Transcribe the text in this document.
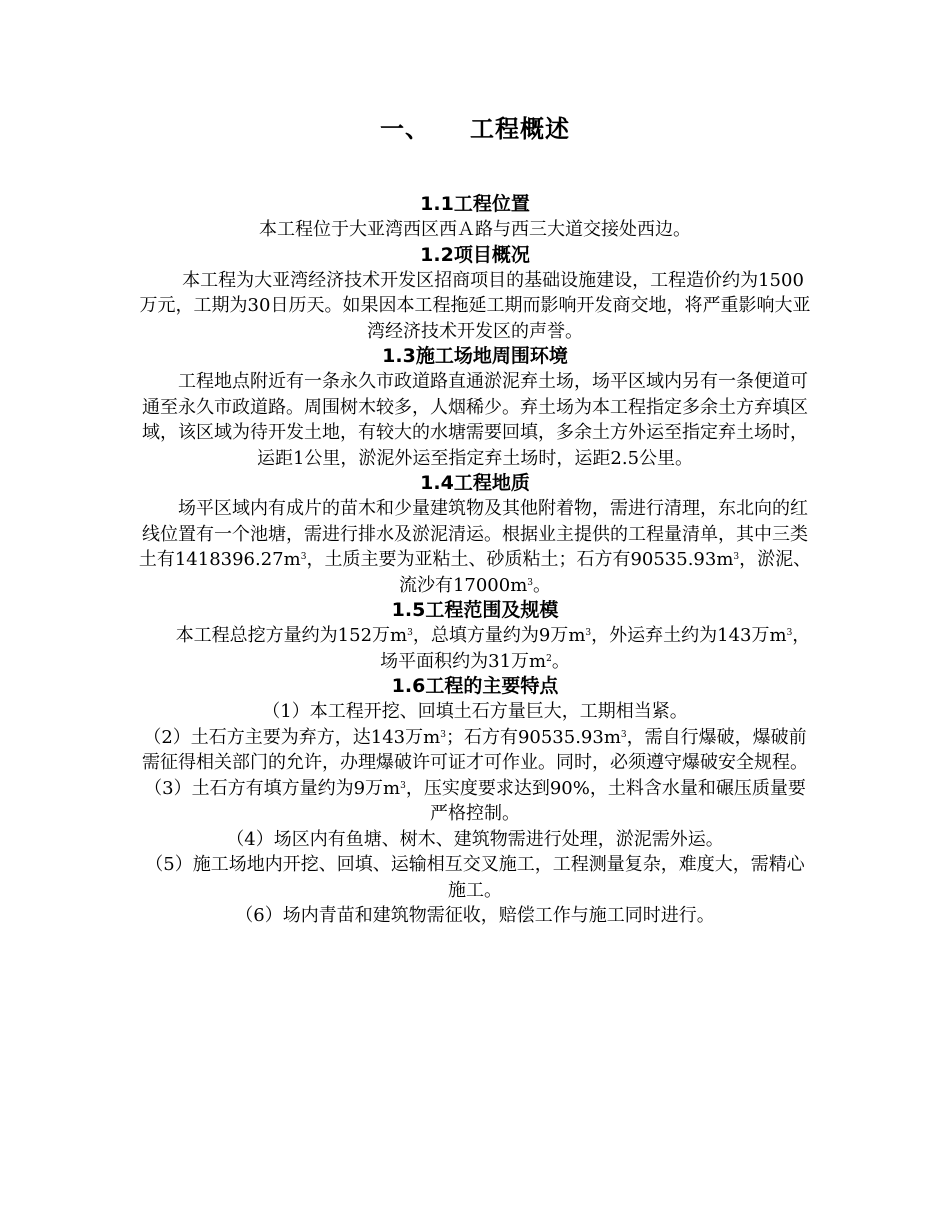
一、 工程概述
1.1工程位置

本工程位于大亚湾西区西Ａ路与西三大道交接处西边。

1.2项目概况

本工程为大亚湾经济技术开发区招商项目的基础设施建设，工程造价约为1500万元，工期为30日历天。如果因本工程拖延工期而影响开发商交地，将严重影响大亚湾经济技术开发区的声誉。

1.3施工场地周围环境

工程地点附近有一条永久市政道路直通淤泥弃土场，场平区域内另有一条便道可通至永久市政道路。周围树木较多，人烟稀少。弃土场为本工程指定多余土方弃填区域，该区域为待开发土地，有较大的水塘需要回填，多余土方外运至指定弃土场时，运距1公里，淤泥外运至指定弃土场时，运距2.5公里。

1.4工程地质

场平区域内有成片的苗木和少量建筑物及其他附着物，需进行清理，东北向的红线位置有一个池塘，需进行排水及淤泥清运。根据业主提供的工程量清单，其中三类土有$1418396.27m^3$，土质主要为亚粘土、砂质粘土；石方有$90535.93m^3$，淤泥、流沙有$17000m^3$。

1.5工程范围及规模

本工程总挖方量约为152万$m^3$，总填方量约为9万$m^3$，外运弃土约为143万$m^3$，场平面积约为31万$m^2$。

1.6工程的主要特点

（1）本工程开挖、回填土石方量巨大，工期相当紧。

（2）土石方主要为弃方，达143万$m^3$；石方有$90535.93m^3$，需自行爆破，爆破前需征得相关部门的允许，办理爆破许可证才可作业。同时，必须遵守爆破安全规程。

（3）土石方有填方量约为9万$m^3$，压实度要求达到90%，土料含水量和碾压质量要严格控制。

（4）场区内有鱼塘、树木、建筑物需进行处理，淤泥需外运。

（5）施工场地内开挖、回填、运输相互交叉施工，工程测量复杂，难度大，需精心施工。

（6）场内青苗和建筑物需征收，赔偿工作与施工同时进行。
